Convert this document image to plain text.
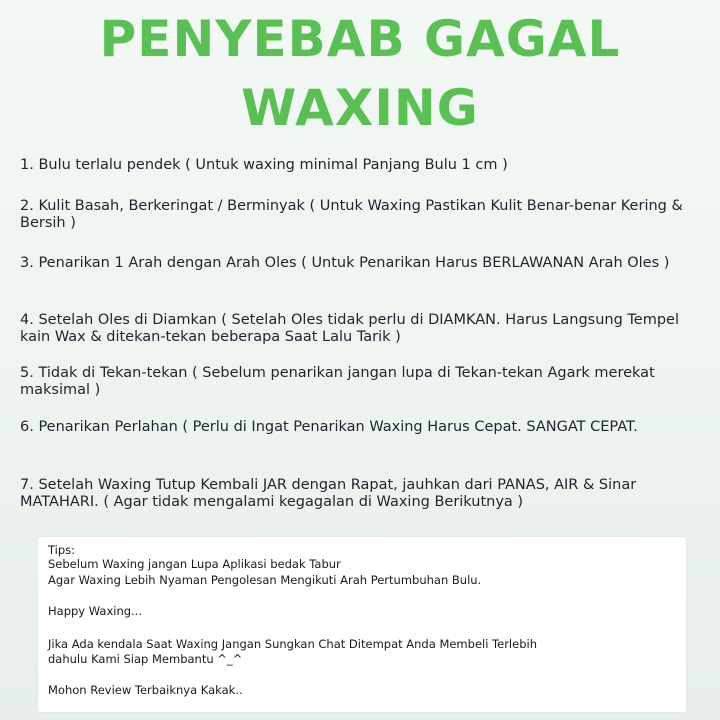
PENYEBAB GAGAL
WAXING
1. Bulu terlalu pendek ( Untuk waxing minimal Panjang Bulu 1 cm )
2. Kulit Basah, Berkeringat / Berminyak ( Untuk Waxing Pastikan Kulit Benar-benar Kering & Bersih )
3. Penarikan 1 Arah dengan Arah Oles ( Untuk Penarikan Harus BERLAWANAN Arah Oles )
4. Setelah Oles di Diamkan ( Setelah Oles tidak perlu di DIAMKAN. Harus Langsung Tempel kain Wax & ditekan-tekan beberapa Saat Lalu Tarik )
5. Tidak di Tekan-tekan ( Sebelum penarikan jangan lupa di Tekan-tekan Agark merekat maksimal )
6. Penarikan Perlahan ( Perlu di Ingat Penarikan Waxing Harus Cepat. SANGAT CEPAT.
7. Setelah Waxing Tutup Kembali JAR dengan Rapat, jauhkan dari PANAS, AIR & Sinar MATAHARI. ( Agar tidak mengalami kegagalan di Waxing Berikutnya )
Tips:
Sebelum Waxing jangan Lupa Aplikasi bedak Tabur
Agar Waxing Lebih Nyaman Pengolesan Mengikuti Arah Pertumbuhan Bulu.
Happy Waxing...
Jika Ada kendala Saat Waxing Jangan Sungkan Chat Ditempat Anda Membeli Terlebih
dahulu Kami Siap Membantu ^_^
Mohon Review Terbaiknya Kakak..
